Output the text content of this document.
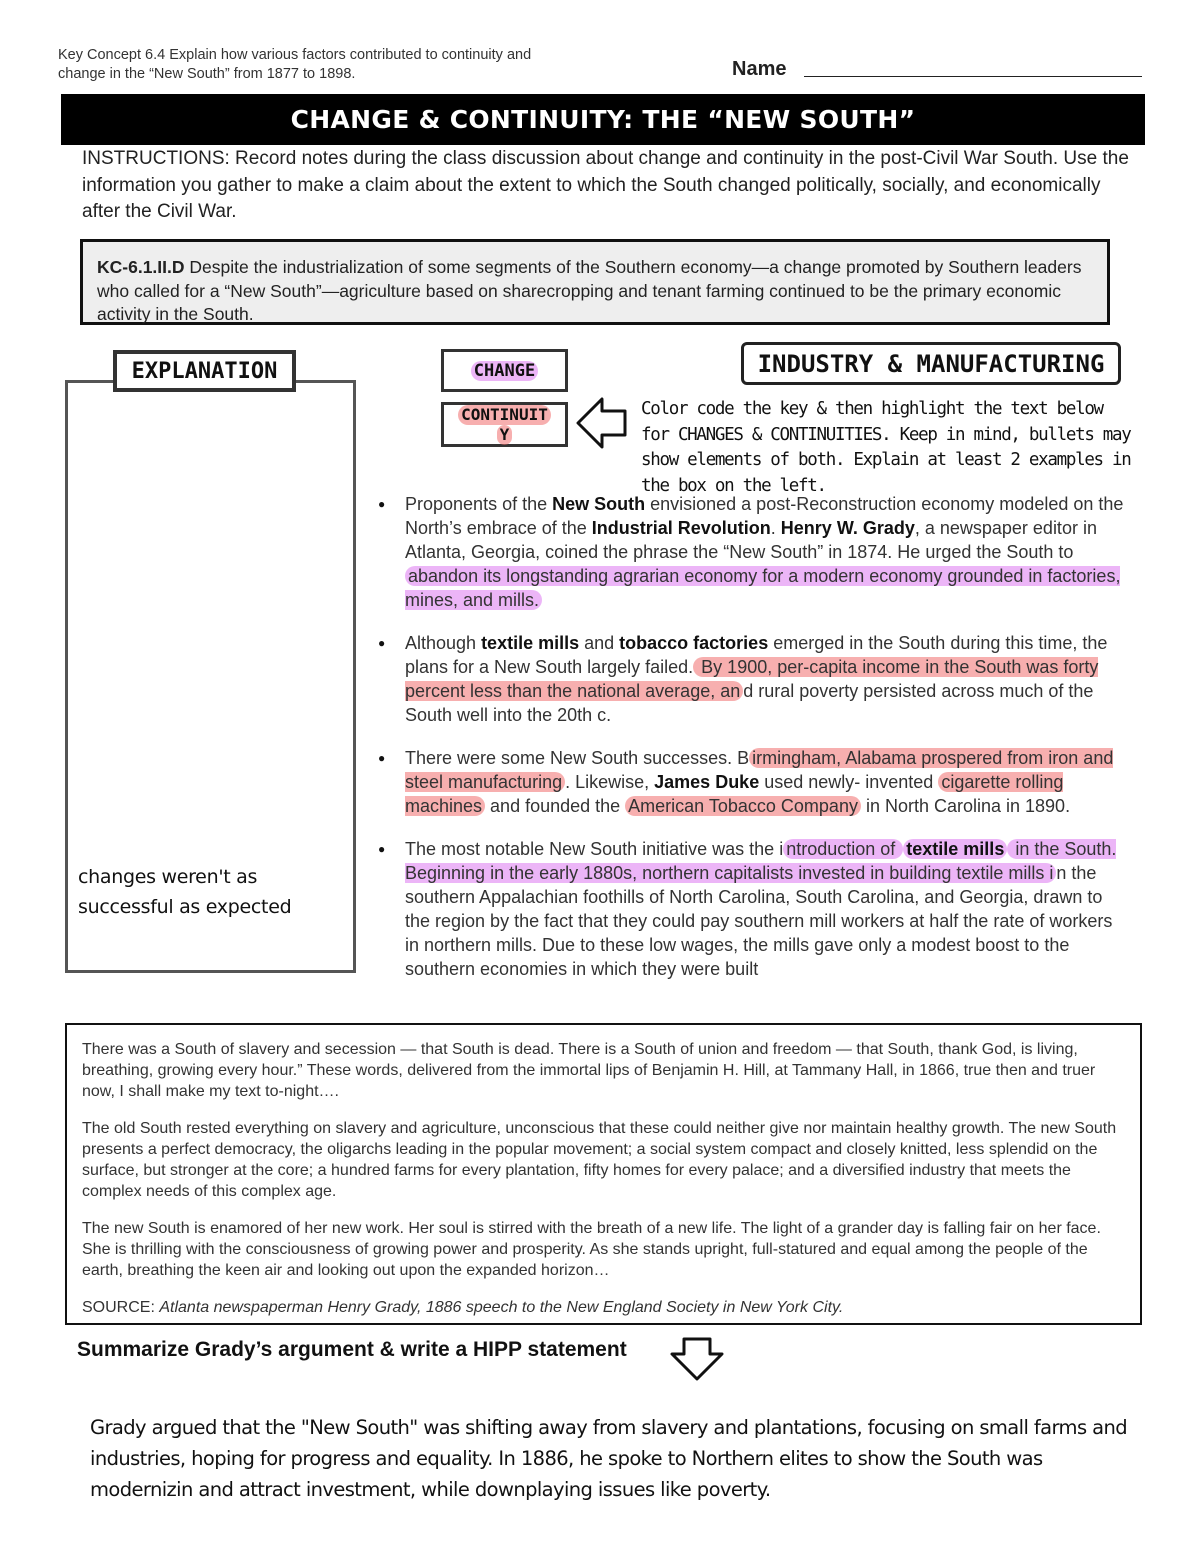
Key Concept 6.4 Explain how various factors contributed to continuity and
change in the “New South” from 1877 to 1898.	Name
CHANGE & CONTINUITY: THE “NEW SOUTH”
INSTRUCTIONS: Record notes during the class discussion about change and continuity in the post-Civil War South. Use the information you gather to make a claim about the extent to which the South changed politically, socially, and economically after the Civil War.
KC-6.1.II.D Despite the industrialization of some segments of the Southern economy—a change promoted by Southern leaders who called for a “New South”—agriculture based on sharecropping and tenant farming continued to be the primary economic activity in the South.
EXPLANATION
changes weren't as successful as expected
CHANGE
CONTINUIT
Y
INDUSTRY & MANUFACTURING
Color code the key & then highlight the text below for CHANGES & CONTINUITIES. Keep in mind, bullets may show elements of both. Explain at least 2 examples in the box on the left.
● Proponents of the New South envisioned a post-Reconstruction economy modeled on the North’s embrace of the Industrial Revolution. Henry W. Grady, a newspaper editor in Atlanta, Georgia, coined the phrase the “New South” in 1874. He urged the South to abandon its longstanding agrarian economy for a modern economy grounded in factories, mines, and mills.
● Although textile mills and tobacco factories emerged in the South during this time, the plans for a New South largely failed. By 1900, per-capita income in the South was forty percent less than the national average, an d rural poverty persisted across much of the South well into the 20th c.
● There were some New South successes. B irmingham, Alabama prospered from iron and steel manufacturing . Likewise, James Duke used newly- invented cigarette rolling machines and founded the American Tobacco Company in North Carolina in 1890.
● The most notable New South initiative was the i ntroduction of textile mills in the South. Beginning in the early 1880s, northern capitalists invested in building textile mills i n the southern Appalachian foothills of North Carolina, South Carolina, and Georgia, drawn to the region by the fact that they could pay southern mill workers at half the rate of workers in northern mills. Due to these low wages, the mills gave only a modest boost to the southern economies in which they were built

There was a South of slavery and secession — that South is dead. There is a South of union and freedom — that South, thank God, is living, breathing, growing every hour.” These words, delivered from the immortal lips of Benjamin H. Hill, at Tammany Hall, in 1866, true then and truer now, I shall make my text to-night….

The old South rested everything on slavery and agriculture, unconscious that these could neither give nor maintain healthy growth. The new South presents a perfect democracy, the oligarchs leading in the popular movement; a social system compact and closely knitted, less splendid on the surface, but stronger at the core; a hundred farms for every plantation, fifty homes for every palace; and a diversified industry that meets the complex needs of this complex age.

The new South is enamored of her new work. Her soul is stirred with the breath of a new life. The light of a grander day is falling fair on her face. She is thrilling with the consciousness of growing power and prosperity. As she stands upright, full-statured and equal among the people of the earth, breathing the keen air and looking out upon the expanded horizon…

SOURCE: Atlanta newspaperman Henry Grady, 1886 speech to the New England Society in New York City.

Summarize Grady’s argument & write a HIPP statement
Grady argued that the "New South" was shifting away from slavery and plantations, focusing on small farms and industries, hoping for progress and equality. In 1886, he spoke to Northern elites to show the South was modernizin and attract investment, while downplaying issues like poverty.
